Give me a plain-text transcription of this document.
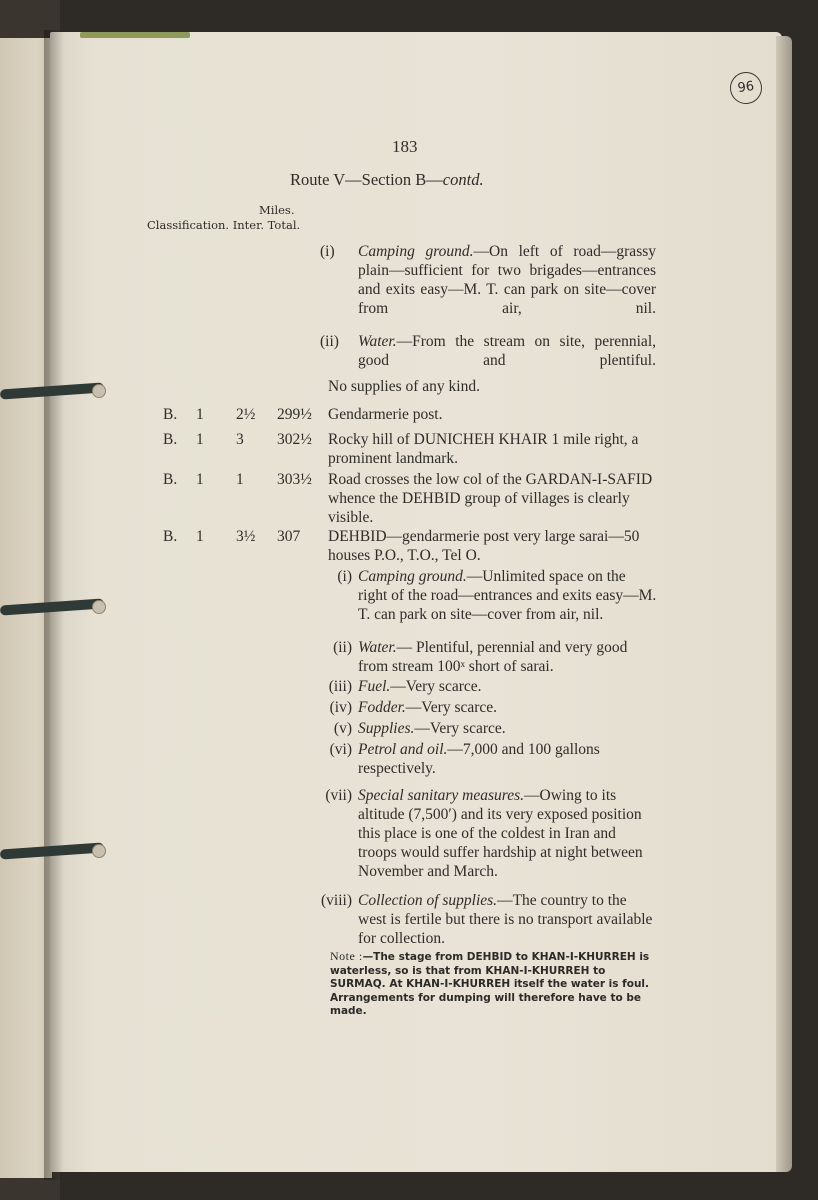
96
183
Route V—Section B—contd.
Miles.
Classification. Inter. Total.
(i)	Camping ground.—On left of road—grassy plain—sufficient for two brigades—entrances and exits easy—M. T. can park on site—cover from air, nil.
(ii)	Water.—From the stream on site, perennial, good and plentiful.
No supplies of any kind.
B. 1 2½ 299½ Gendarmerie post.
B. 1 3 302½ Rocky hill of DUNICHEH KHAIR 1 mile right, a prominent landmark.
B. 1 1 303½ Road crosses the low col of the GARDAN-I-SAFID whence the DEHBID group of villages is clearly visible.
B. 1 3½ 307 DEHBID—gendarmerie post very large sarai—50 houses P.O., T.O., Tel O.
(i) Camping ground.—Unlimited space on the right of the road—entrances and exits easy—M. T. can park on site—cover from air, nil.
(ii) Water.— Plentiful, perennial and very good from stream 100ˣ short of sarai.
(iii) Fuel.—Very scarce.
(iv) Fodder.—Very scarce.
(v) Supplies.—Very scarce.
(vi) Petrol and oil.—7,000 and 100 gallons respectively.
(vii) Special sanitary measures.—Owing to its altitude (7,500′) and its very exposed position this place is one of the coldest in Iran and troops would suffer hardship at night between November and March.
(viii) Collection of supplies.—The country to the west is fertile but there is no transport available for collection.
Note :—The stage from DEHBID to KHAN-I-KHURREH is waterless, so is that from KHAN-I-KHURREH to SURMAQ. At KHAN-I-KHURREH itself the water is foul. Arrangements for dumping will therefore have to be made.
